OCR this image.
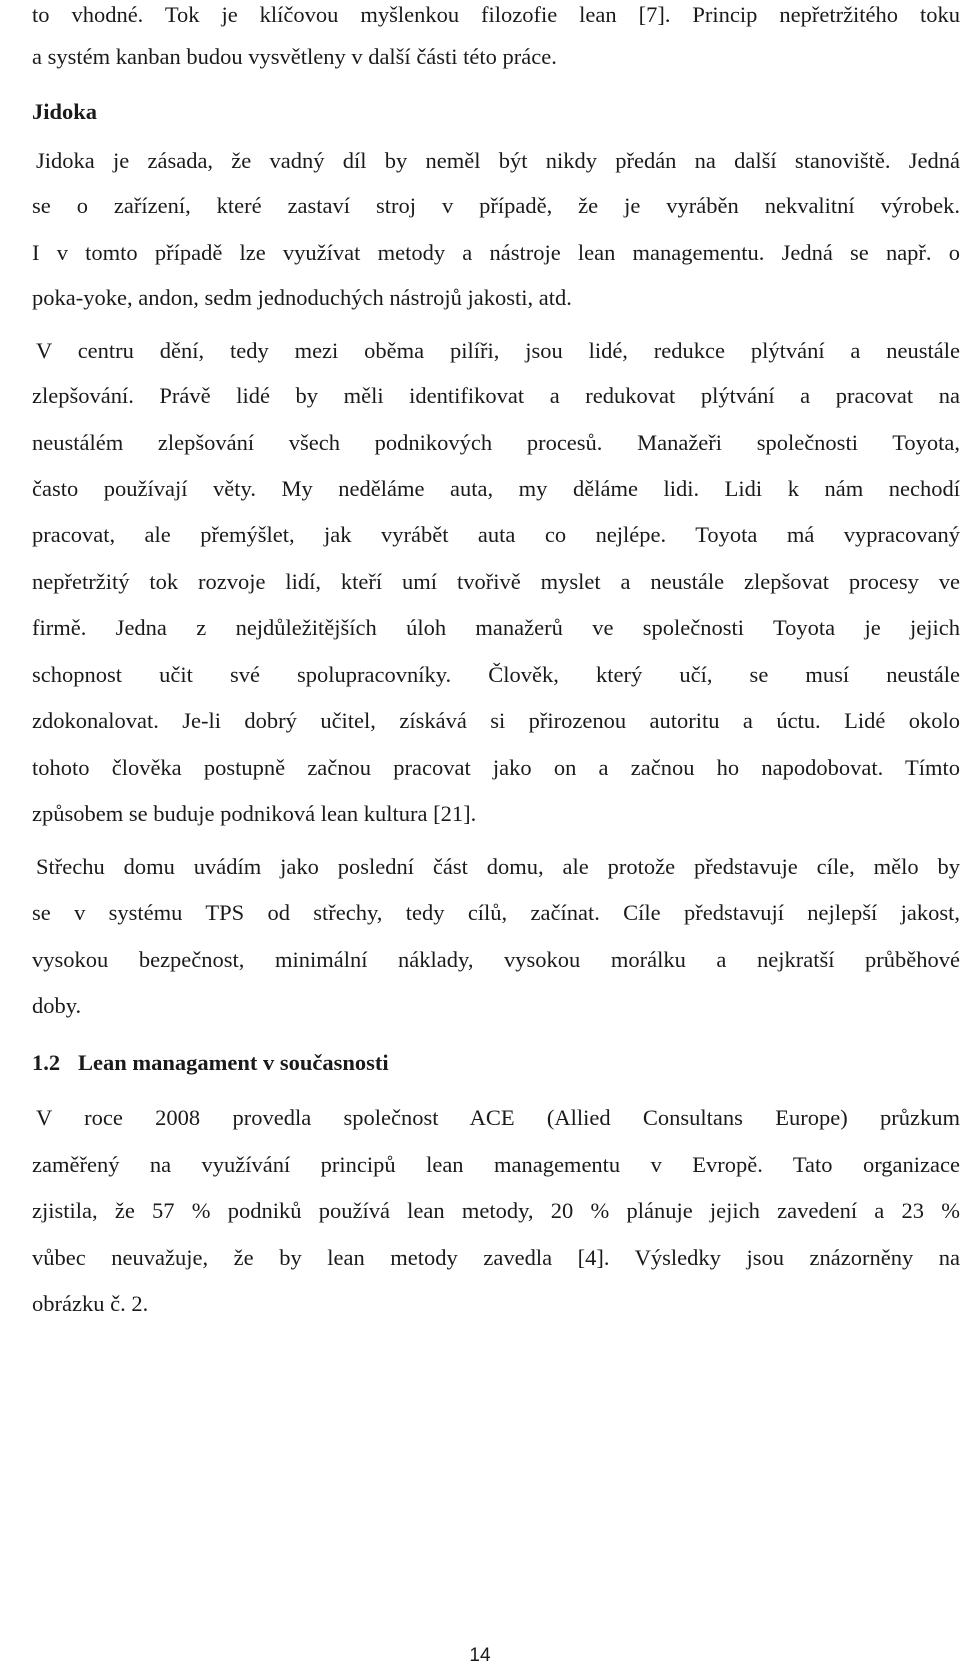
to vhodné. Tok je klíčovou myšlenkou filozofie lean [7]. Princip nepřetržitého toku

a systém kanban budou vysvětleny v další části této práce.

Jidoka

Jidoka je zásada, že vadný díl by neměl být nikdy předán na další stanoviště. Jedná

se o zařízení, které zastaví stroj v případě, že je vyráběn nekvalitní výrobek.

I v tomto případě lze využívat metody a nástroje lean managementu. Jedná se např. o

poka-yoke, andon, sedm jednoduchých nástrojů jakosti, atd.

V centru dění, tedy mezi oběma pilíři, jsou lidé, redukce plýtvání a neustále

zlepšování. Právě lidé by měli identifikovat a redukovat plýtvání a pracovat na

neustálém zlepšování všech podnikových procesů. Manažeři společnosti Toyota,

často používají věty. My neděláme auta, my děláme lidi. Lidi k nám nechodí

pracovat, ale přemýšlet, jak vyrábět auta co nejlépe. Toyota má vypracovaný

nepřetržitý tok rozvoje lidí, kteří umí tvořivě myslet a neustále zlepšovat procesy ve

firmě. Jedna z nejdůležitějších úloh manažerů ve společnosti Toyota je jejich

schopnost učit své spolupracovníky. Člověk, který učí, se musí neustále

zdokonalovat. Je-li dobrý učitel, získává si přirozenou autoritu a úctu. Lidé okolo

tohoto člověka postupně začnou pracovat jako on a začnou ho napodobovat. Tímto

způsobem se buduje podniková lean kultura [21].

Střechu domu uvádím jako poslední část domu, ale protože představuje cíle, mělo by

se v systému TPS od střechy, tedy cílů, začínat. Cíle představují nejlepší jakost,

vysokou bezpečnost, minimální náklady, vysokou morálku a nejkratší průběhové

doby.

1.2 Lean managament v současnosti

V roce 2008 provedla společnost ACE (Allied Consultans Europe) průzkum

zaměřený na využívání principů lean managementu v Evropě. Tato organizace

zjistila, že 57 % podniků používá lean metody, 20 % plánuje jejich zavedení a 23 %

vůbec neuvažuje, že by lean metody zavedla [4]. Výsledky jsou znázorněny na

obrázku č. 2.

14
